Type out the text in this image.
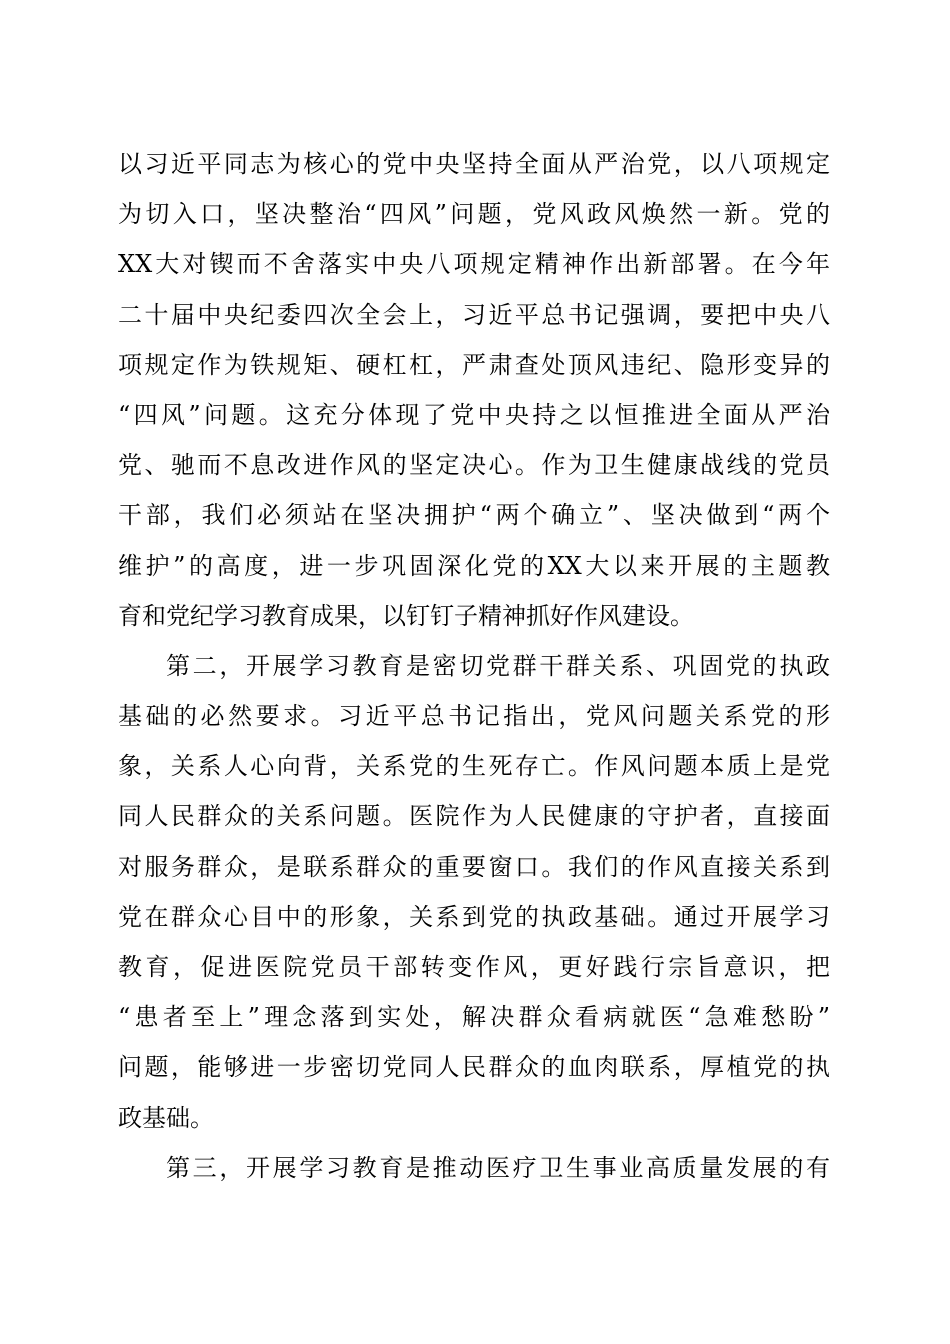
以习近平同志为核心的党中央坚持全面从严治党，以八项规定
为切入口，坚决整治“四风”问题，党风政风焕然一新。党的
XX大对锲而不舍落实中央八项规定精神作出新部署。在今年
二十届中央纪委四次全会上，习近平总书记强调，要把中央八
项规定作为铁规矩、硬杠杠，严肃查处顶风违纪、隐形变异的
“四风”问题。这充分体现了党中央持之以恒推进全面从严治
党、驰而不息改进作风的坚定决心。作为卫生健康战线的党员
干部，我们必须站在坚决拥护“两个确立”、坚决做到“两个
维护”的高度，进一步巩固深化党的XX大以来开展的主题教
育和党纪学习教育成果，以钉钉子精神抓好作风建设。
第二，开展学习教育是密切党群干群关系、巩固党的执政
基础的必然要求。习近平总书记指出，党风问题关系党的形
象，关系人心向背，关系党的生死存亡。作风问题本质上是党
同人民群众的关系问题。医院作为人民健康的守护者，直接面
对服务群众，是联系群众的重要窗口。我们的作风直接关系到
党在群众心目中的形象，关系到党的执政基础。通过开展学习
教育，促进医院党员干部转变作风，更好践行宗旨意识，把
“患者至上”理念落到实处，解决群众看病就医“急难愁盼”
问题，能够进一步密切党同人民群众的血肉联系，厚植党的执
政基础。
第三，开展学习教育是推动医疗卫生事业高质量发展的有
